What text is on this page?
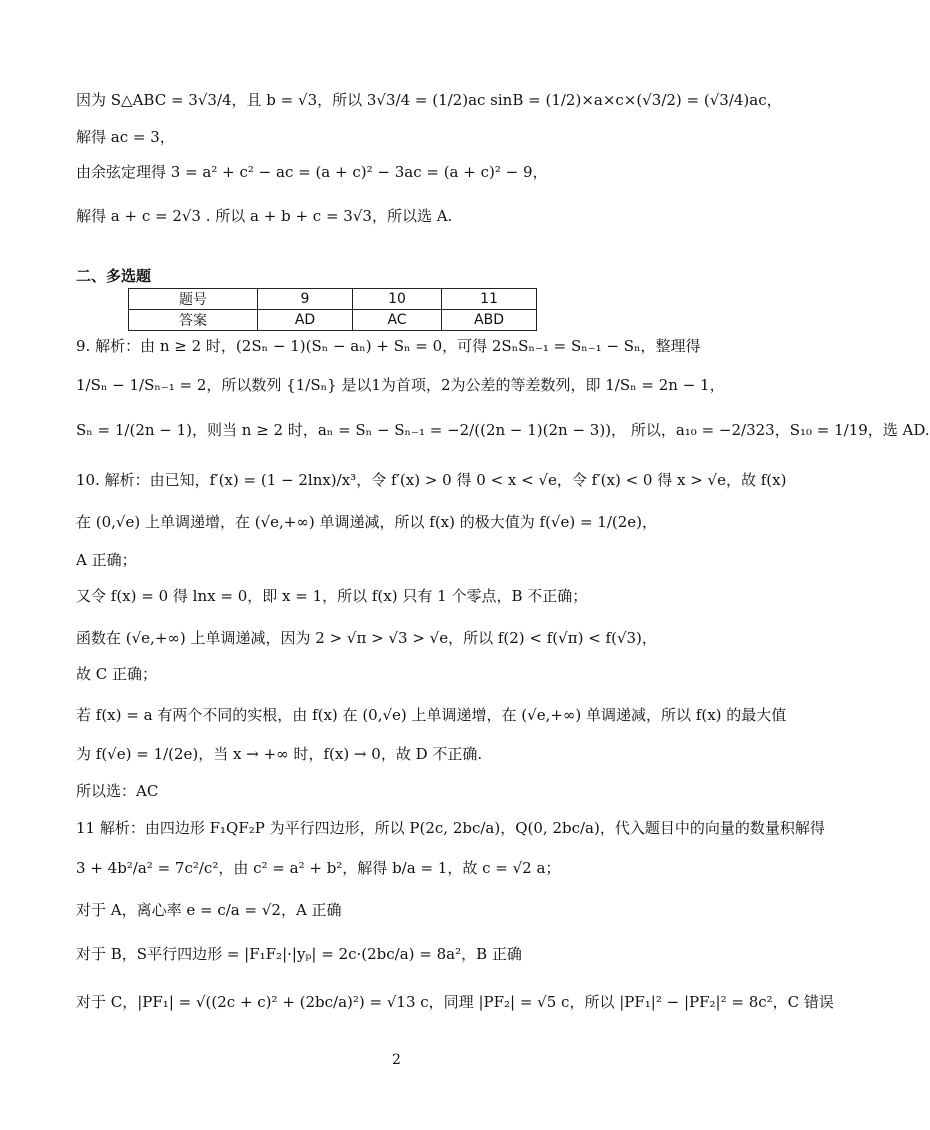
因为 S△ABC = 3√3/4，且 b = √3，所以 3√3/4 = (1/2)ac sinB = (1/2)×a×c×(√3/2) = (√3/4)ac，
解得 ac = 3，
由余弦定理得 3 = a² + c² − ac = (a + c)² − 3ac = (a + c)² − 9，
解得 a + c = 2√3 . 所以 a + b + c = 3√3，所以选 A.
二、多选题
题号	9	10	11
答案	AD	AC	ABD
9. 解析：由 n ≥ 2 时，(2Sₙ − 1)(Sₙ − aₙ) + Sₙ = 0，可得 2SₙSₙ₋₁ = Sₙ₋₁ − Sₙ，整理得
1/Sₙ − 1/Sₙ₋₁ = 2，所以数列 {1/Sₙ} 是以1为首项，2为公差的等差数列，即 1/Sₙ = 2n − 1，
Sₙ = 1/(2n − 1)，则当 n ≥ 2 时，aₙ = Sₙ − Sₙ₋₁ = −2/((2n − 1)(2n − 3))， 所以，a₁₀ = −2/323，S₁₀ = 1/19，选 AD.
10. 解析：由已知，f′(x) = (1 − 2lnx)/x³，令 f′(x) > 0 得 0 < x < √e，令 f′(x) < 0 得 x > √e，故 f(x)
在 (0,√e) 上单调递增，在 (√e,+∞) 单调递减，所以 f(x) 的极大值为 f(√e) = 1/(2e)，
A 正确；
又令 f(x) = 0 得 lnx = 0，即 x = 1，所以 f(x) 只有 1 个零点，B 不正确；
函数在 (√e,+∞) 上单调递减，因为 2 > √π > √3 > √e，所以 f(2) < f(√π) < f(√3)，
故 C 正确；
若 f(x) = a 有两个不同的实根，由 f(x) 在 (0,√e) 上单调递增，在 (√e,+∞) 单调递减，所以 f(x) 的最大值
为 f(√e) = 1/(2e)，当 x → +∞ 时，f(x) → 0，故 D 不正确.
所以选：AC
11 解析：由四边形 F₁QF₂P 为平行四边形，所以 P(2c, 2bc/a)，Q(0, 2bc/a)，代入题目中的向量的数量积解得
3 + 4b²/a² = 7c²/c²，由 c² = a² + b²，解得 b/a = 1，故 c = √2 a；
对于 A，离心率 e = c/a = √2，A 正确
对于 B，S平行四边形 = |F₁F₂|·|yₚ| = 2c·(2bc/a) = 8a²，B 正确
对于 C，|PF₁| = √((2c + c)² + (2bc/a)²) = √13 c，同理 |PF₂| = √5 c，所以 |PF₁|² − |PF₂|² = 8c²，C 错误
2
